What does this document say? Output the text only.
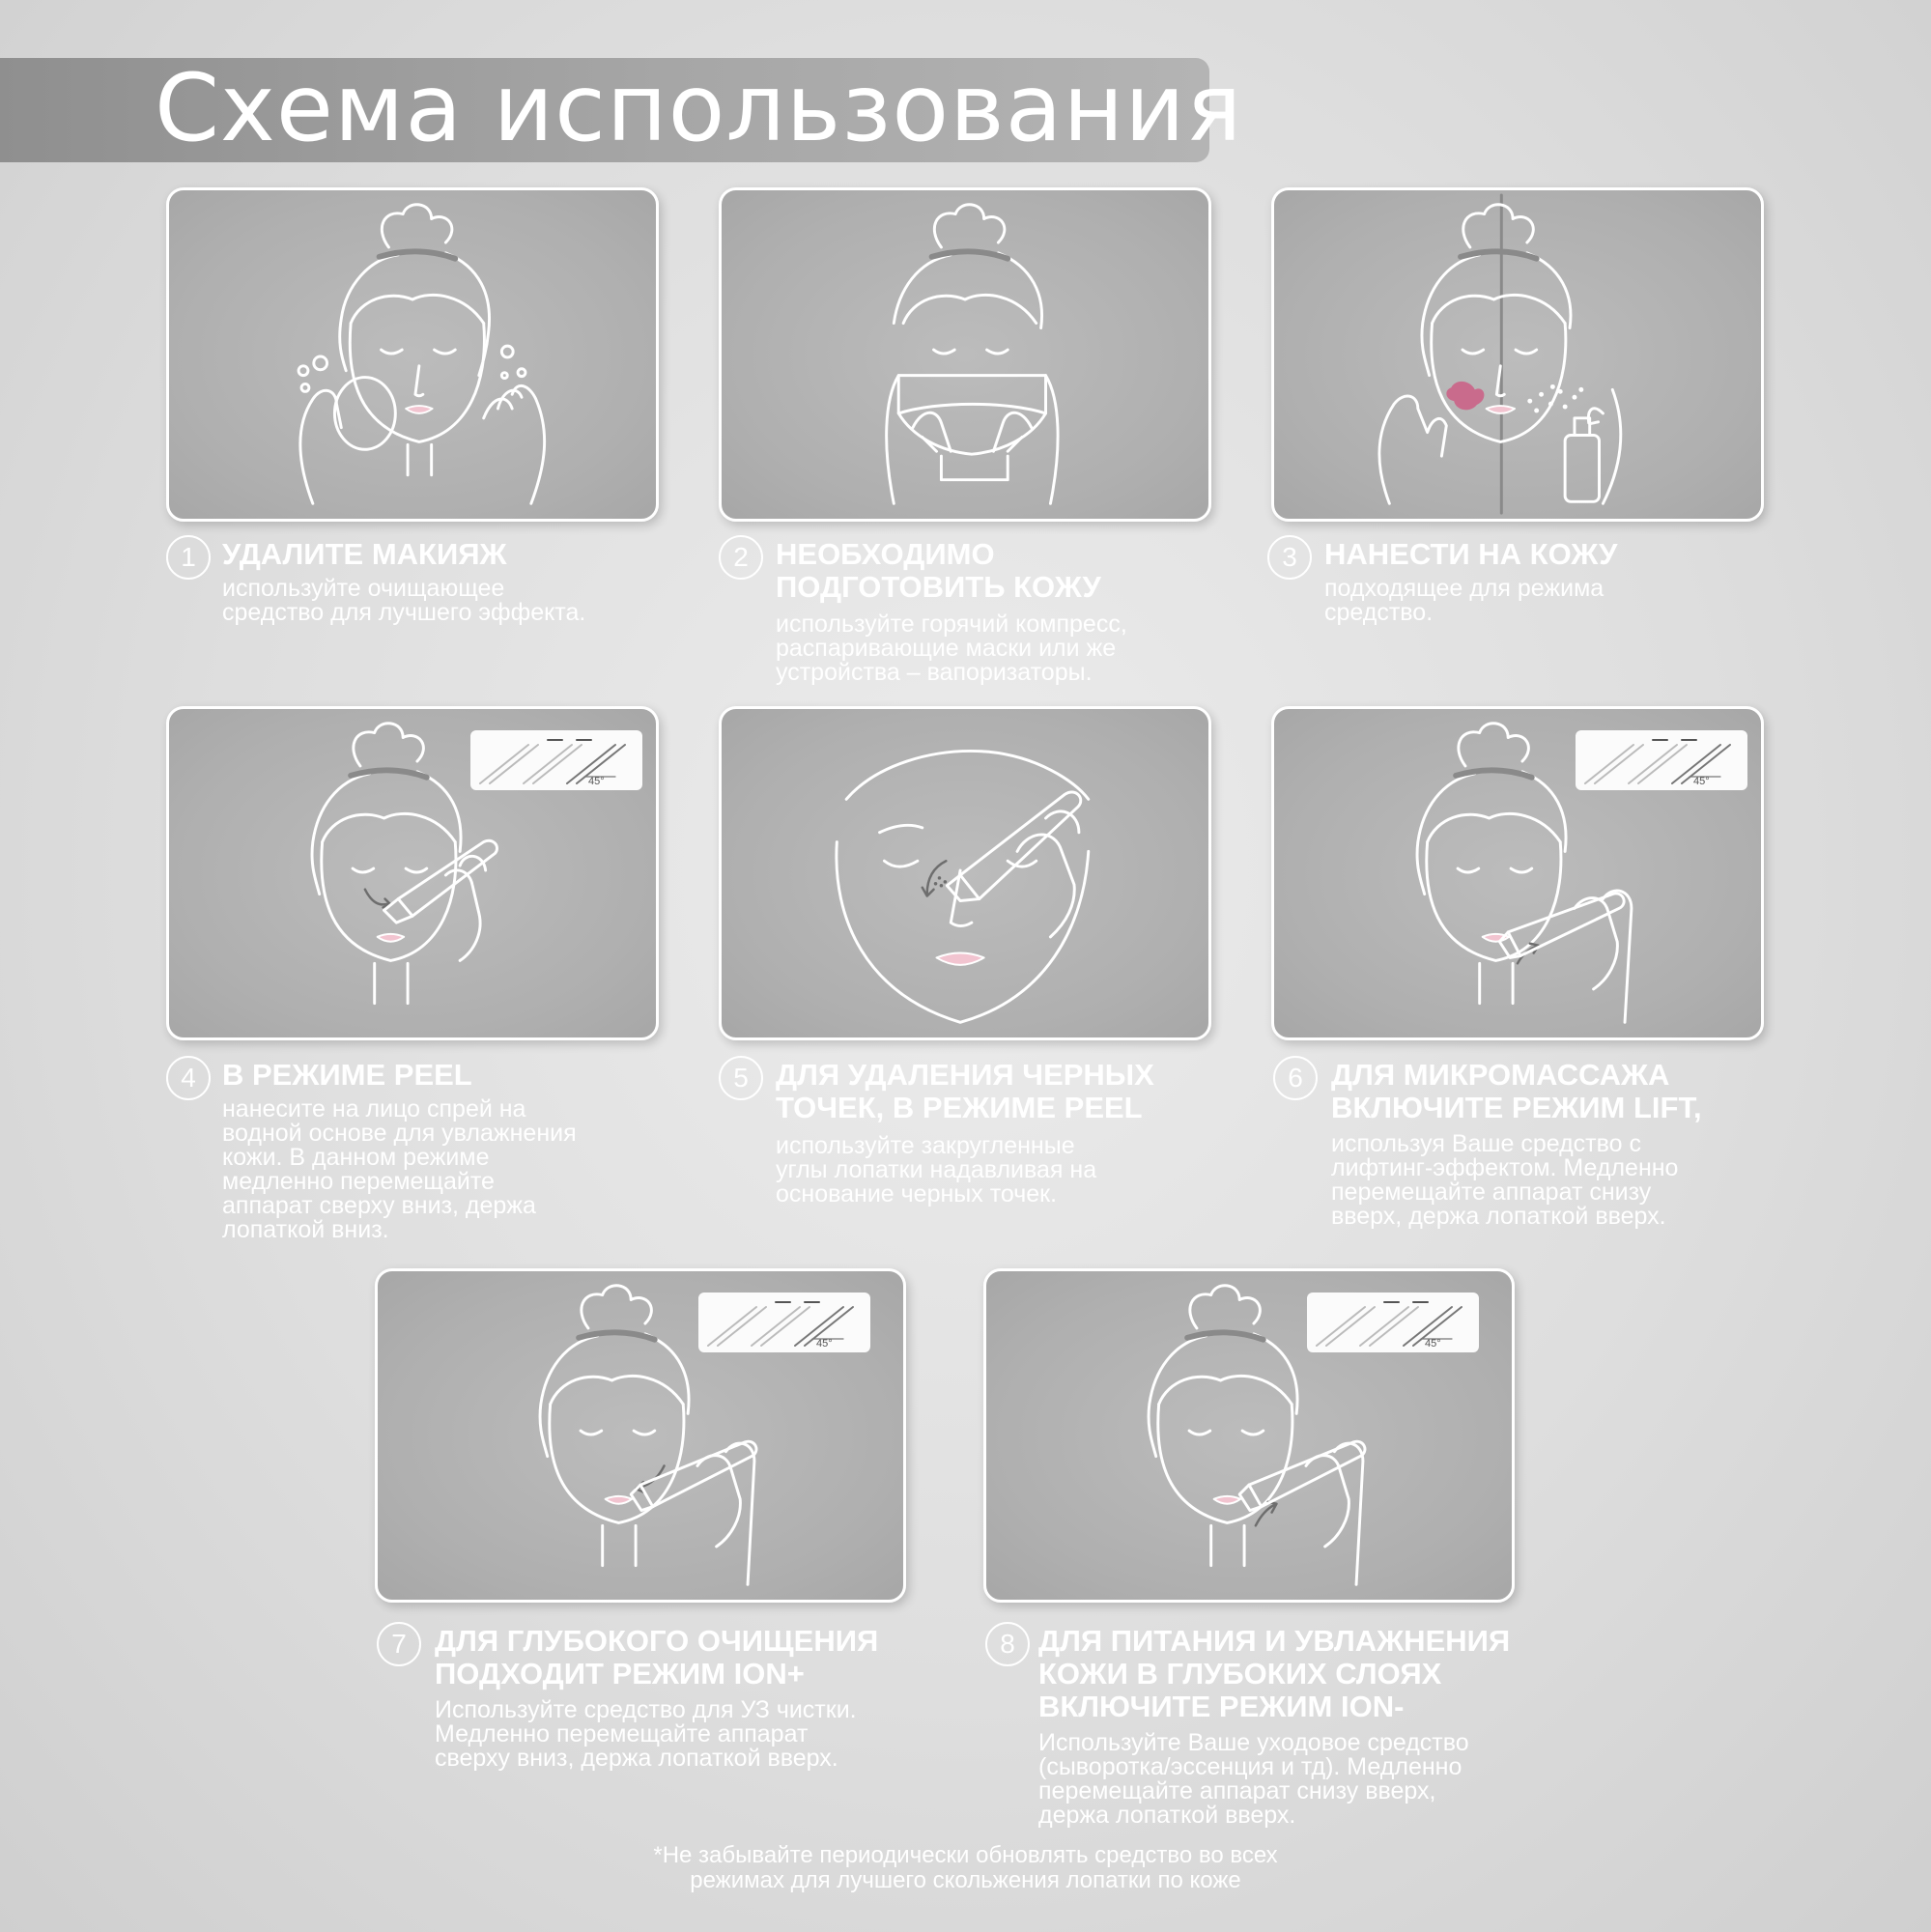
Схема использования
1 УДАЛИТЕ МАКИЯЖ
используйте очищающее
средство для лучшего эффекта.
2 НЕОБХОДИМО
ПОДГОТОВИТЬ КОЖУ
используйте горячий компресс,
распаривающие маски или же
устройства – вапоризаторы.
3 НАНЕСТИ НА КОЖУ
подходящее для режима
средство.
45°
4 В РЕЖИМЕ PEEL
нанесите на лицо спрей на
водной основе для увлажнения
кожи. В данном режиме
медленно перемещайте
аппарат сверху вниз, держа
лопаткой вниз.
5 ДЛЯ УДАЛЕНИЯ ЧЕРНЫХ
ТОЧЕК, В РЕЖИМЕ PEEL
используйте закругленные
углы лопатки надавливая на
основание черных точек.
45°
6 ДЛЯ МИКРОМАССАЖА
ВКЛЮЧИТЕ РЕЖИМ LIFT,
используя Ваше средство с
лифтинг-эффектом. Медленно
перемещайте аппарат снизу
вверх, держа лопаткой вверх.
45°
7 ДЛЯ ГЛУБОКОГО ОЧИЩЕНИЯ
ПОДХОДИТ РЕЖИМ ION+
Используйте средство для УЗ чистки.
Медленно перемещайте аппарат
сверху вниз, держа лопаткой вверх.
45°
8 ДЛЯ ПИТАНИЯ И УВЛАЖНЕНИЯ
КОЖИ В ГЛУБОКИХ СЛОЯХ
ВКЛЮЧИТЕ РЕЖИМ ION-
Используйте Ваше уходовое средство
(сыворотка/эссенция и тд). Медленно
перемещайте аппарат снизу вверх,
держа лопаткой вверх.
*Не забывайте периодически обновлять средство во всех
режимах для лучшего скольжения лопатки по коже
